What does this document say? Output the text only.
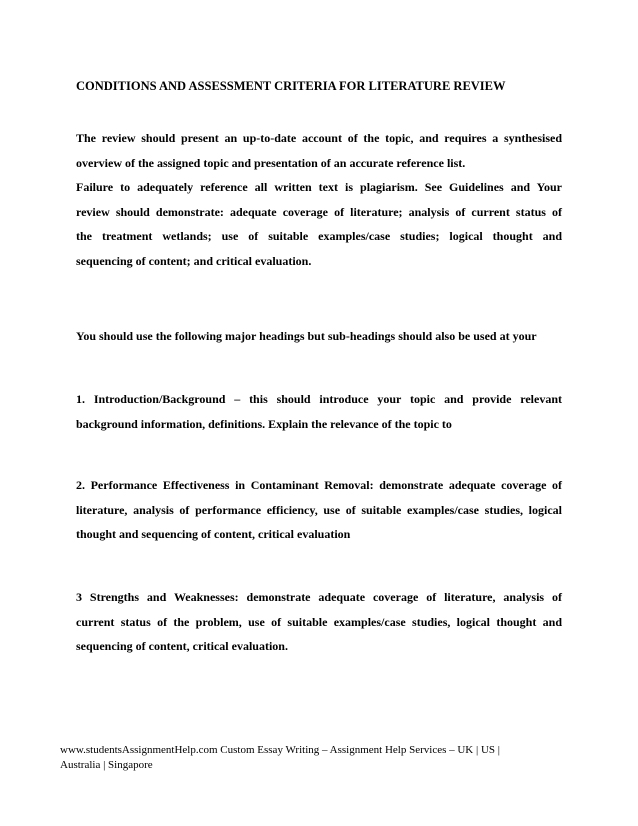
CONDITIONS AND ASSESSMENT CRITERIA FOR LITERATURE REVIEW
The review should present an up-to-date account of the topic, and requires a synthesised
overview of the assigned topic and presentation of an accurate reference list.
Failure to adequately reference all written text is plagiarism. See Guidelines and Your
review should demonstrate: adequate coverage of literature; analysis of current status of
the treatment wetlands; use of suitable examples/case studies; logical thought and
sequencing of content; and critical evaluation.
You should use the following major headings but sub-headings should also be used at your
1. Introduction/Background – this should introduce your topic and provide relevant
background information, definitions. Explain the relevance of the topic to
2. Performance Effectiveness in Contaminant Removal: demonstrate adequate coverage of
literature, analysis of performance efficiency, use of suitable examples/case studies, logical
thought and sequencing of content, critical evaluation
3 Strengths and Weaknesses: demonstrate adequate coverage of literature, analysis of
current status of the problem, use of suitable examples/case studies, logical thought and
sequencing of content, critical evaluation.
www.studentsAssignmentHelp.com Custom Essay Writing – Assignment Help Services – UK | US |
Australia | Singapore
